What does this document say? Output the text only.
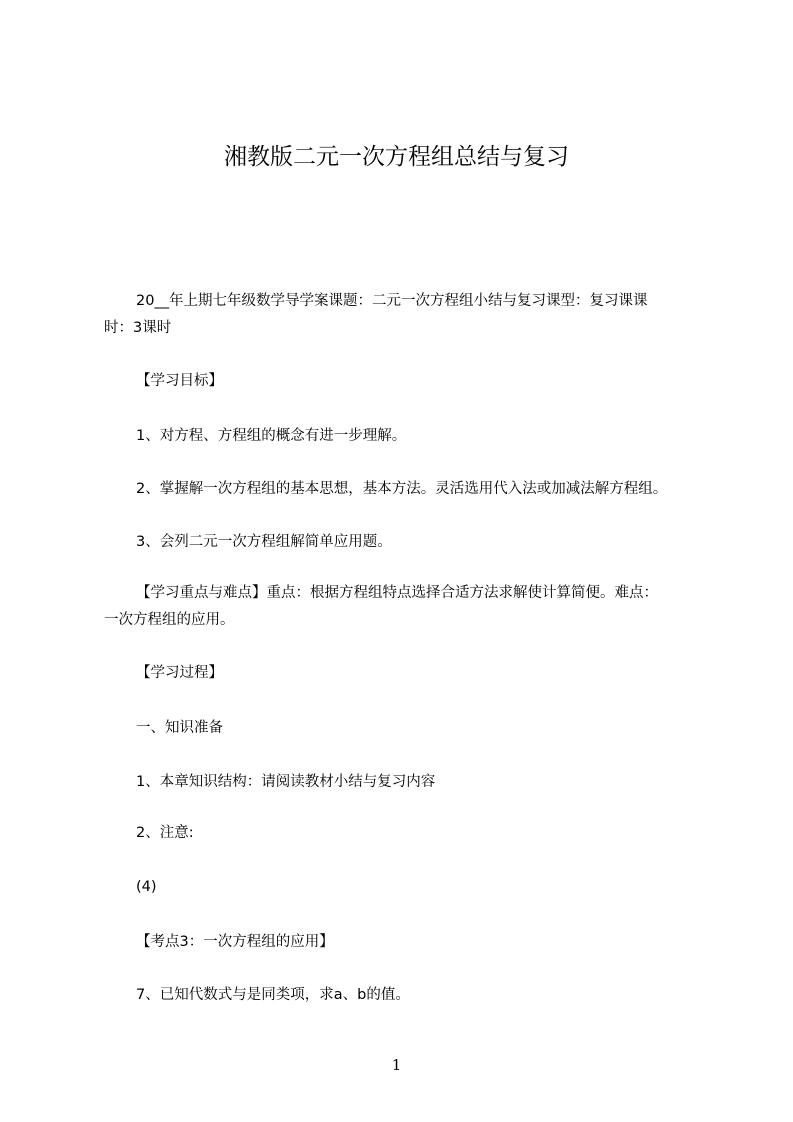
湘教版二元一次方程组总结与复习
20__年上期七年级数学导学案课题：二元一次方程组小结与复习课型：复习课课
时：3课时
【学习目标】
1、对方程、方程组的概念有进一步理解。
2、掌握解一次方程组的基本思想，基本方法。灵活选用代入法或加减法解方程组。
3、会列二元一次方程组解简单应用题。
【学习重点与难点】重点：根据方程组特点选择合适方法求解使计算简便。难点：
一次方程组的应用。
【学习过程】
一、知识准备
1、本章知识结构：请阅读教材小结与复习内容
2、注意:
(4)
【考点3：一次方程组的应用】
7、已知代数式与是同类项，求a、b的值。
1
